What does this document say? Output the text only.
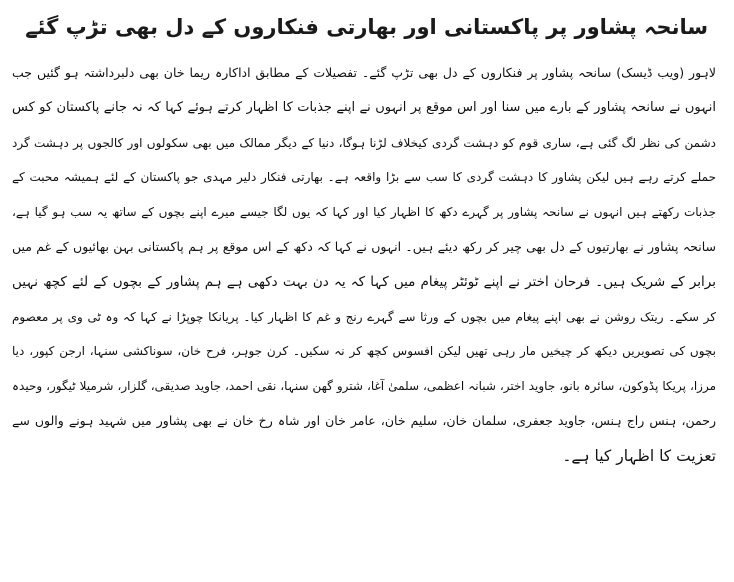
سانحہ پشاور پر پاکستانی اور بھارتی فنکاروں کے دل بھی تڑپ گئے
لاہور (ویب ڈیسک) سانحہ پشاور پر فنکاروں کے دل بھی تڑپ گئے۔ تفصیلات کے مطابق اداکارہ ریما خان بھی دلبرداشتہ ہو گئیں جب
انہوں نے سانحہ پشاور کے بارے میں سنا اور اس موقع پر انہوں نے اپنے جذبات کا اظہار کرتے ہوئے کہا کہ نہ جانے پاکستان کو کس
دشمن کی نظر لگ گئی ہے، ساری قوم کو دہشت گردی کیخلاف لڑنا ہوگا، دنیا کے دیگر ممالک میں بھی سکولوں اور کالجوں پر دہشت گرد
حملے کرتے رہے ہیں لیکن پشاور کا دہشت گردی کا سب سے بڑا واقعہ ہے۔ بھارتی فنکار دلیر مہدی جو پاکستان کے لئے ہمیشہ محبت کے
جذبات رکھتے ہیں انہوں نے سانحہ پشاور پر گہرے دکھ کا اظہار کیا اور کہا کہ یوں لگا جیسے میرے اپنے بچوں کے ساتھ یہ سب ہو گیا ہے،
سانحہ پشاور نے بھارتیوں کے دل بھی چیر کر رکھ دیئے ہیں۔ انہوں نے کہا کہ دکھ کے اس موقع پر ہم پاکستانی بہن بھائیوں کے غم میں
برابر کے شریک ہیں۔ فرحان اختر نے اپنے ٹوئٹر پیغام میں کہا کہ یہ دن بہت دکھی ہے ہم پشاور کے بچوں کے لئے کچھ نہیں
کر سکے۔ ریتک روشن نے بھی اپنے پیغام میں بچوں کے ورثا سے گہرے رنج و غم کا اظہار کیا۔ پریانکا چوپڑا نے کہا کہ وہ ٹی وی پر معصوم
بچوں کی تصویریں دیکھ کر چیخیں مار رہی تھیں لیکن افسوس کچھ کر نہ سکیں۔ کرن جوہر، فرح خان، سوناکشی سنہا، ارجن کپور، دیا
مرزا، پریکا پڈوکون، سائرہ بانو، جاوید اختر، شبانہ اعظمی، سلمیٰ آغا، شترو گھن سنہا، نقی احمد، جاوید صدیقی، گلزار، شرمیلا ٹیگور، وحیدہ
رحمن، ہنس راج ہنس، جاوید جعفری، سلمان خان، سلیم خان، عامر خان اور شاہ رخ خان نے بھی پشاور میں شہید ہونے والوں سے
تعزیت کا اظہار کیا ہے۔
